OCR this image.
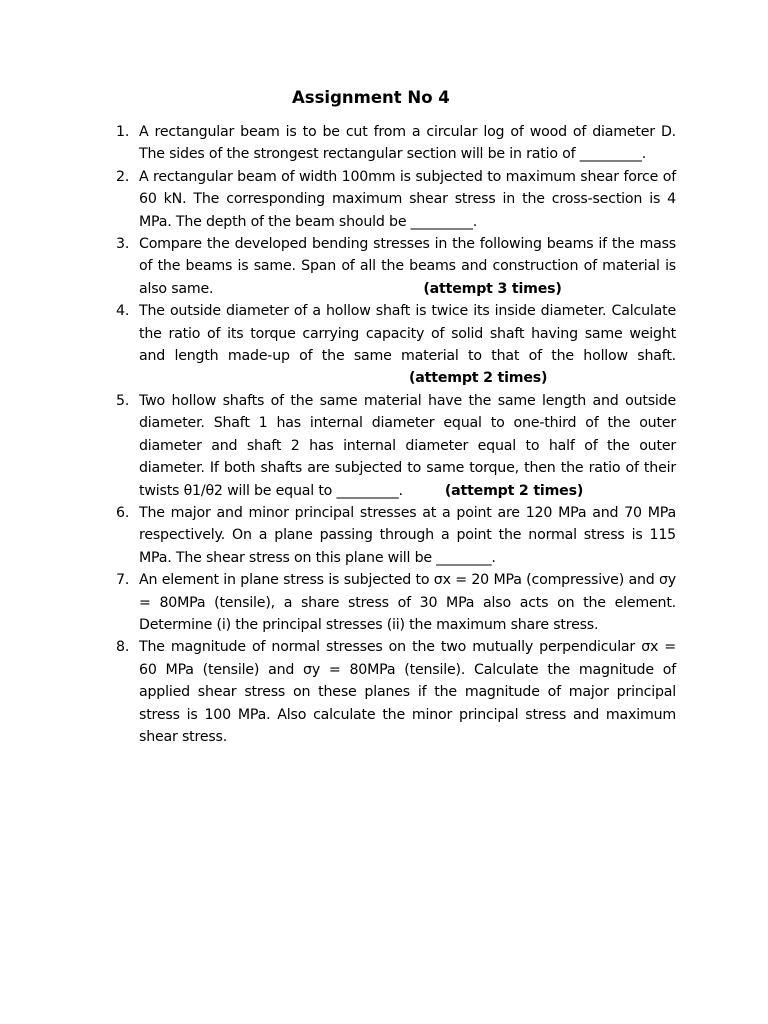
Assignment No 4
1. A rectangular beam is to be cut from a circular log of wood of diameter D. The sides of the strongest rectangular section will be in ratio of _________.
2. A rectangular beam of width 100mm is subjected to maximum shear force of 60 kN. The corresponding maximum shear stress in the cross-section is 4 MPa. The depth of the beam should be _________.
3. Compare the developed bending stresses in the following beams if the mass of the beams is same. Span of all the beams and construction of material is also same.	(attempt 3 times)
4. The outside diameter of a hollow shaft is twice its inside diameter. Calculate the ratio of its torque carrying capacity of solid shaft having same weight and length made-up of the same material to that of the hollow shaft.(attempt 2 times)
5. Two hollow shafts of the same material have the same length and outside diameter. Shaft 1 has internal diameter equal to one-third of the outer diameter and shaft 2 has internal diameter equal to half of the outer diameter. If both shafts are subjected to same torque, then the ratio of their twists θ1/θ2 will be equal to _________.	(attempt 2 times)
6. The major and minor principal stresses at a point are 120 MPa and 70 MPa respectively. On a plane passing through a point the normal stress is 115 MPa. The shear stress on this plane will be ________.
7. An element in plane stress is subjected to σx = 20 MPa (compressive) and σy = 80MPa (tensile), a share stress of 30 MPa also acts on the element. Determine (i) the principal stresses (ii) the maximum share stress.
8. The magnitude of normal stresses on the two mutually perpendicular σx = 60 MPa (tensile) and σy = 80MPa (tensile). Calculate the magnitude of applied shear stress on these planes if the magnitude of major principal stress is 100 MPa. Also calculate the minor principal stress and maximum shear stress.
